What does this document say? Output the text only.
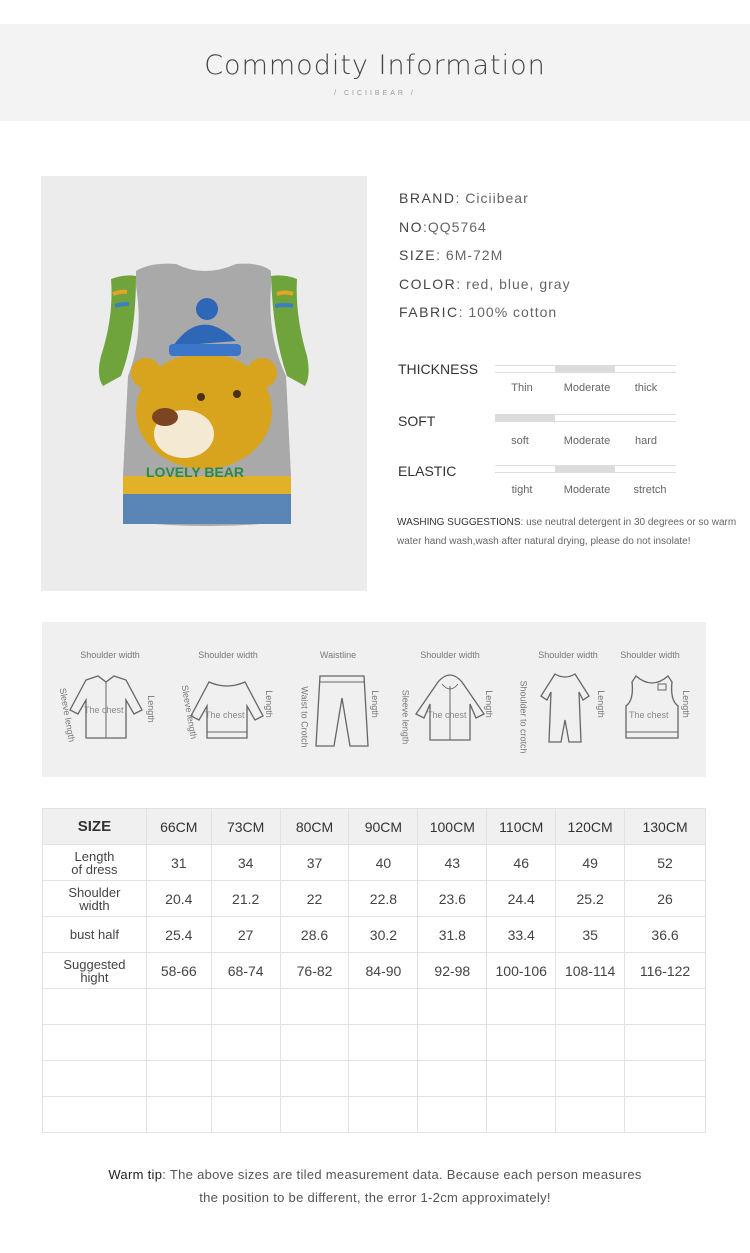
Commodity Information
/ CICIIBEAR /
LOVELY BEAR
BRAND: Ciciibear
NO:QQ5764
SIZE: 6M-72M
COLOR: red, blue, gray
FABRIC: 100% cotton
THICKNESS
Thin	Moderate	thick
SOFT
soft	Moderate	hard
ELASTIC
tight	Moderate	stretch
WASHING SUGGESTIONS: use neutral detergent in 30 degrees or so warm water hand wash,wash after natural drying, please do not insolate!
Shoulder width
Sleeve length	Length
The chest
Shoulder width
Sleeve length	Length
The chest
Waistline
Waist to Crotch	Length
Shoulder width
Sleeve length	Length
The chest
Shoulder width
Shoulder to crotch	Length
Shoulder width
Length
The chest
SIZE	66CM	73CM	80CM	90CM	100CM	110CM	120CM	130CM

Length
of dress	31	34	37	40	43	46	49	52

Shoulder
width	20.4	21.2	22	22.8	23.6	24.4	25.2	26

bust half	25.4	27	28.6	30.2	31.8	33.4	35	36.6

Suggested
hight	58-66	68-74	76-82	84-90	92-98	100-106	108-114	116-122

Warm tip: The above sizes are tiled measurement data. Because each person measures
the position to be different, the error 1-2cm approximately!
